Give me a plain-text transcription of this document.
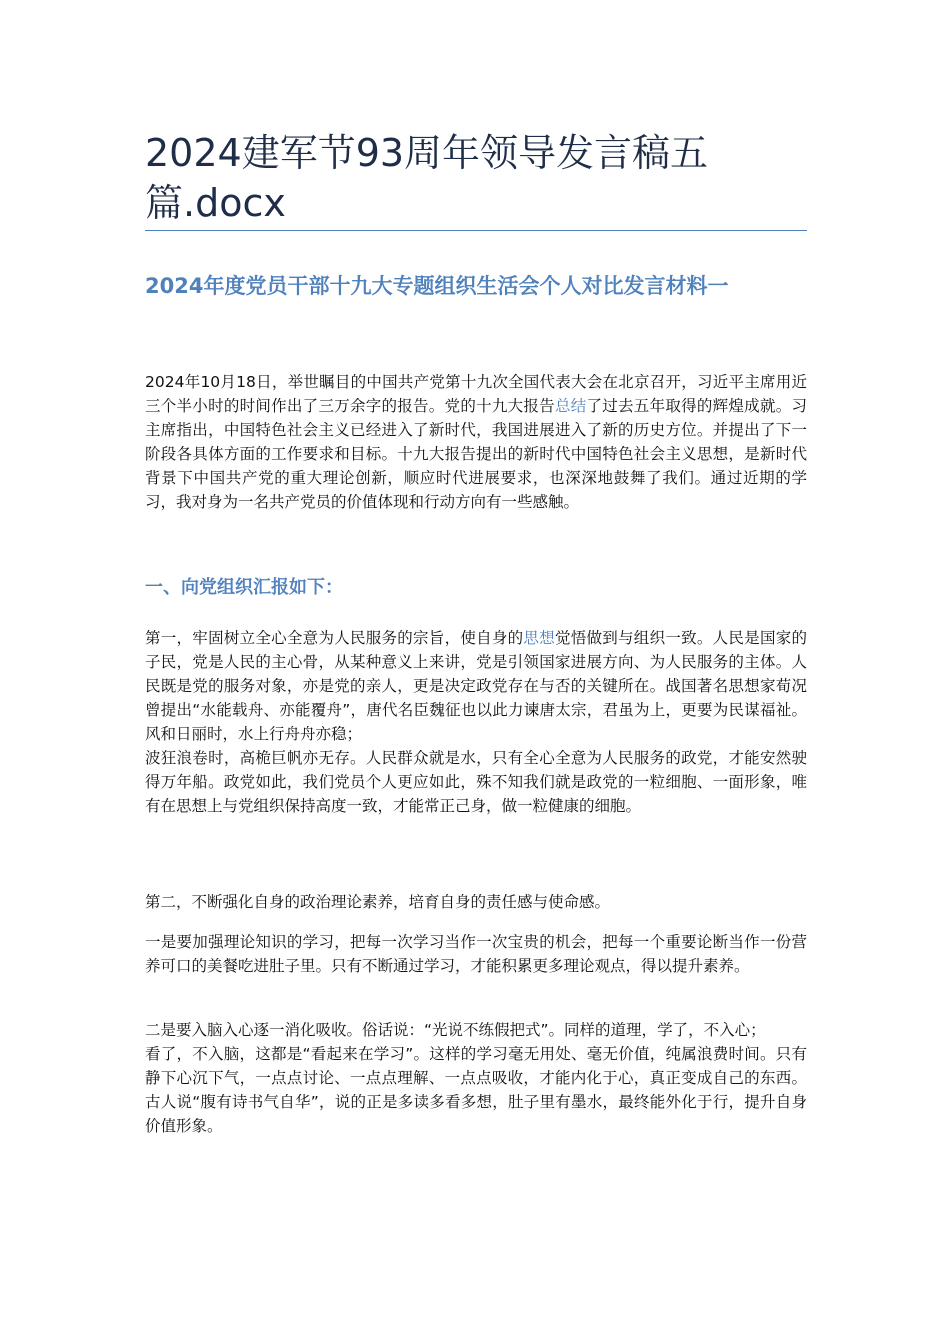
2024建军节93周年领导发言稿五篇.docx
2024年度党员干部十九大专题组织生活会个人对比发言材料一

2024年10月18日，举世瞩目的中国共产党第十九次全国代表大会在北京召开，习近平主席用近三个半小时的时间作出了三万余字的报告。党的十九大报告总结了过去五年取得的辉煌成就。习主席指出，中国特色社会主义已经进入了新时代，我国进展进入了新的历史方位。并提出了下一阶段各具体方面的工作要求和目标。十九大报告提出的新时代中国特色社会主义思想，是新时代背景下中国共产党的重大理论创新，顺应时代进展要求，也深深地鼓舞了我们。通过近期的学习，我对身为一名共产党员的价值体现和行动方向有一些感触。

一、向党组织汇报如下：

第一，牢固树立全心全意为人民服务的宗旨，使自身的思想觉悟做到与组织一致。人民是国家的子民，党是人民的主心骨，从某种意义上来讲，党是引领国家进展方向、为人民服务的主体。人民既是党的服务对象，亦是党的亲人，更是决定政党存在与否的关键所在。战国著名思想家荀况曾提出“水能载舟、亦能覆舟”，唐代名臣魏征也以此力谏唐太宗，君虽为上，更要为民谋福祉。风和日丽时，水上行舟舟亦稳；
波狂浪卷时，高桅巨帆亦无存。人民群众就是水，只有全心全意为人民服务的政党，才能安然驶得万年船。政党如此，我们党员个人更应如此，殊不知我们就是政党的一粒细胞、一面形象，唯有在思想上与党组织保持高度一致，才能常正己身，做一粒健康的细胞。

第二，不断强化自身的政治理论素养，培育自身的责任感与使命感。

一是要加强理论知识的学习，把每一次学习当作一次宝贵的机会，把每一个重要论断当作一份营养可口的美餐吃进肚子里。只有不断通过学习，才能积累更多理论观点，得以提升素养。

二是要入脑入心逐一消化吸收。俗话说：“光说不练假把式”。同样的道理，学了，不入心；
看了，不入脑，这都是“看起来在学习”。这样的学习毫无用处、毫无价值，纯属浪费时间。只有静下心沉下气，一点点讨论、一点点理解、一点点吸收，才能内化于心，真正变成自己的东西。古人说“腹有诗书气自华”，说的正是多读多看多想，肚子里有墨水，最终能外化于行，提升自身价值形象。
